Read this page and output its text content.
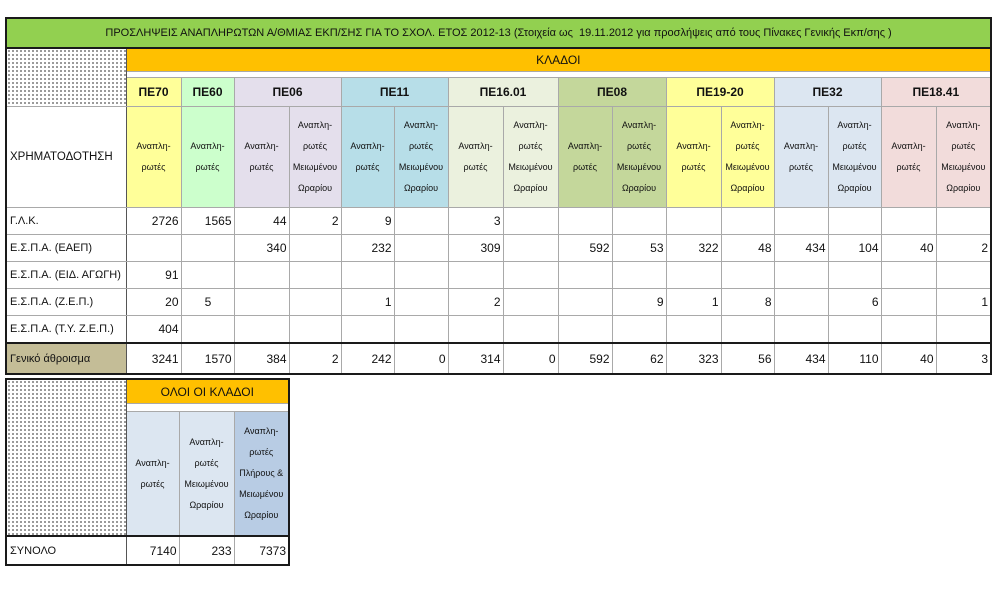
ΠΡΟΣΛΗΨΕΙΣ ΑΝΑΠΛΗΡΩΤΩΝ Α/ΘΜΙΑΣ ΕΚΠ/ΣΗΣ ΓΙΑ ΤΟ ΣΧΟΛ. ΕΤΟΣ 2012-13 (Στοιχεία ως  19.11.2012 για προσλήψεις από τους Πίνακες Γενικής Εκπ/σης )																
	ΚΛΑΔΟΙ															

	ΠΕ70	ΠΕ60	ΠΕ06		ΠΕ11		ΠΕ16.01		ΠΕ08		ΠΕ19-20		ΠΕ32		ΠΕ18.41	
ΧΡΗΜΑΤΟΔΟΤΗΣΗ	Αναπλη-
ρωτές	Αναπλη-
ρωτές	Αναπλη-
ρωτές	Αναπλη-
ρωτές
Μειωμένου
Ωραρίου	Αναπλη-
ρωτές	Αναπλη-
ρωτές
Μειωμένου
Ωραρίου	Αναπλη-
ρωτές	Αναπλη-
ρωτές
Μειωμένου
Ωραρίου	Αναπλη-
ρωτές	Αναπλη-
ρωτές
Μειωμένου
Ωραρίου	Αναπλη-
ρωτές	Αναπλη-
ρωτές
Μειωμένου
Ωραρίου	Αναπλη-
ρωτές	Αναπλη-
ρωτές
Μειωμένου
Ωραρίου	Αναπλη-
ρωτές	Αναπλη-
ρωτές
Μειωμένου
Ωραρίου
Γ.Λ.Κ.	2726	1565	44	2	9		3									
Ε.Σ.Π.Α. (ΕΑΕΠ)			340		232		309		592	53	322	48	434	104	40	2
Ε.Σ.Π.Α. (ΕΙΔ. ΑΓΩΓΗ)	91															
Ε.Σ.Π.Α. (Ζ.Ε.Π.)	20	5			1		2			9	1	8		6		1
Ε.Σ.Π.Α. (Τ.Υ. Ζ.Ε.Π.)	404															
Γενικό άθροισμα	3241	1570	384	2	242	0	314	0	592	62	323	56	434	110	40	3
	ΟΛΟΙ ΟΙ ΚΛΑΔΟΙ		

	Αναπλη-
ρωτές	Αναπλη-
ρωτές
Μειωμένου
Ωραρίου	Αναπλη-
ρωτές
Πλήρους &
Μειωμένου
Ωραρίου
ΣΥΝΟΛΟ	7140	233	7373
